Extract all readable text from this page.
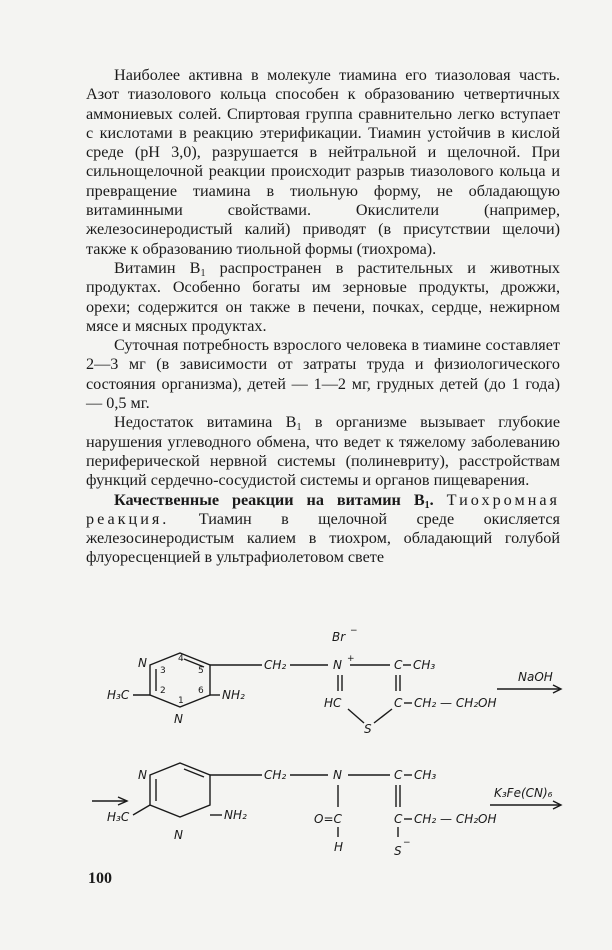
Наиболее активна в молекуле тиамина его тиазоловая часть. Азот тиазолового кольца способен к образованию четвертичных аммониевых солей. Спиртовая группа сравнительно легко вступает с кислотами в реакцию этерификации. Тиамин устойчив в кислой среде (рН 3,0), разрушается в нейтральной и щелочной. При сильнощелочной реакции происходит разрыв тиазолового кольца и превращение тиамина в тиольную форму, не обладающую витаминными свойствами. Окислители (например, железосинеродистый калий) приводят (в присутствии щелочи) также к образованию тиольной формы (тиохрома).

Витамин $B_1$ распространен в растительных и животных продуктах. Особенно богаты им зерновые продукты, дрожжи, орехи; содержится он также в печени, почках, сердце, нежирном мясе и мясных продуктах.

Суточная потребность взрослого человека в тиамине составляет 2—3 мг (в зависимости от затраты труда и физиологического состояния организма), детей — 1—2 мг, грудных детей (до 1 года) — 0,5 мг.

Недостаток витамина $B_1$ в организме вызывает глубокие нарушения углеводного обмена, что ведет к тяжелому заболеванию периферической нервной системы (полиневриту), расстройствам функций сердечно-сосудистой системы и органов пищеварения.

Качественные реакции на витамин $B_1$. Тиохромная реакция. Тиамин в щелочной среде окисляется железосинеродистым калием в тиохром, обладающий голубой флуоресценцией в ультрафиолетовом свете

N
N
4
5
3
2	6
1
H₃C	NH₂
CH₂
Br −
N +	C CH₃
HC
S
C CH₂ — CH₂OH
NaOH
N
N
H₃C	NH₂
CH₂	N	C CH₃
O=C
H
C CH₂ — CH₂OH
S
−
K₃Fe(CN)₆
100
